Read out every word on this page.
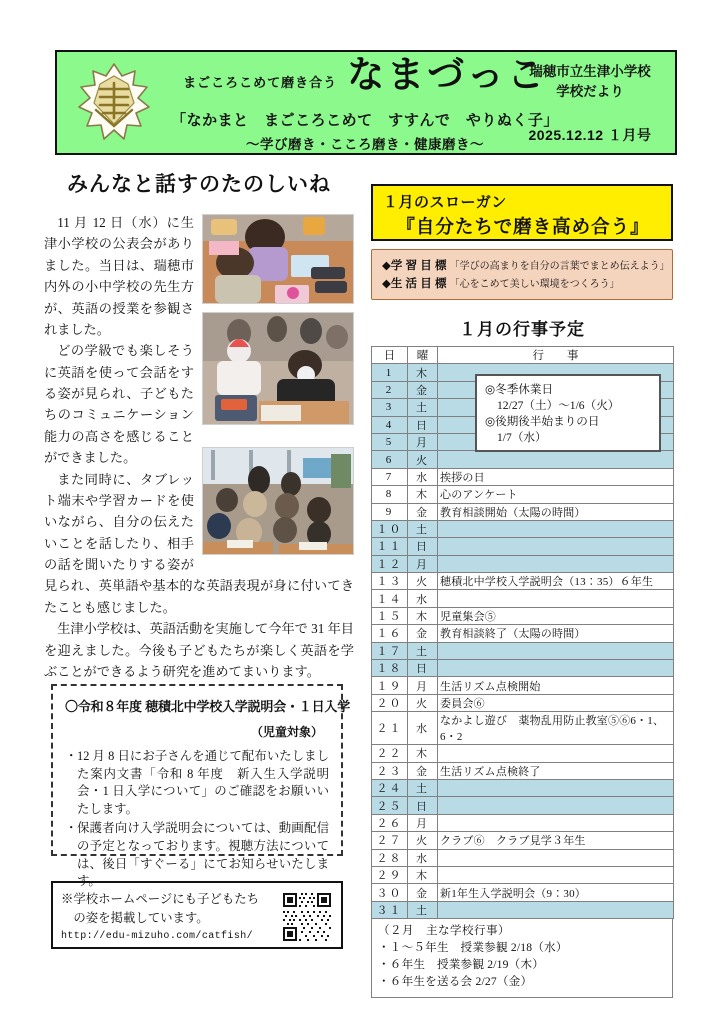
まごころこめて磨き合う なまづっこ
「なかまと　まごころこめて　すすんで　やりぬく子」
〜学び磨き・こころ磨き・健康磨き〜
瑞穂市立生津小学校
学校だより
2025.12.12 １月号
みんなと話すのたのしいね

11 月 12 日（水）に生津小学校の公表会がありました。当日は、瑞穂市内外の小中学校の先生方が、英語の授業を参観されました。

どの学級でも楽しそうに英語を使って会話をする姿が見られ、子どもたちのコミュニケーション能力の高さを感じることができました。

また同時に、タブレット端末や学習カードを使いながら、自分の伝えたいことを話したり、相手の話を聞いたりする姿が見られ、英単語や基本的な英語表現が身に付いてきたことも感じました。

生津小学校は、英語活動を実施して今年で 31 年目を迎えました。今後も子どもたちが楽しく英語を学ぶことができるよう研究を進めてまいります。

〇令和８年度 穂積北中学校入学説明会・１日入学
（児童対象）
・ 12 月 8 日にお子さんを通じて配布いたしました案内文書「令和 8 年度　新入生入学説明会・1 日入学について」のご確認をお願いいたします。
・ 保護者向け入学説明会については、動画配信の予定となっております。視聴方法については、後日「すぐーる」にてお知らせいたします。
※学校ホームページにも子どもたち
の姿を掲載しています。
http://edu-mizuho.com/catfish/
１月のスローガン
『自分たちで磨き高め合う』
◆学 習 目 標 「学びの高まりを自分の言葉でまとめ伝えよう」
◆生 活 目 標 「心をこめて美しい環境をつくろう」
１月の行事予定
日	曜	行　　事
1	木	
2	金	
3	土	
4	日	
5	月	
6	火	
7	水	挨拶の日
8	木	心のアンケート
9	金	教育相談開始（太陽の時間）
１０	土	
１１	日	
１２	月	
１３	火	穂積北中学校入学説明会（13：35）６年生
１４	水	
１５	木	児童集会⑤
１６	金	教育相談終了（太陽の時間）
１７	土	
１８	日	
１９	月	生活リズム点検開始
２０	火	委員会⑥
２１	水	なかよし遊び　薬物乱用防止教室⑤⑥6・1、6・2
２２	木	
２３	金	生活リズム点検終了
２４	土	
２５	日	
２６	月	
２７	火	クラブ⑥　クラブ見学３年生
２８	水	
２９	木	
３０	金	新1年生入学説明会（9：30）
３１	土	
◎冬季休業日
12/27（土）〜1/6（火）
◎後期後半始まりの日
1/7（水）
（２月　主な学校行事）
・１〜５年生　授業参観 2/18（水）
・６年生　授業参観 2/19（木）
・６年生を送る会 2/27（金）
